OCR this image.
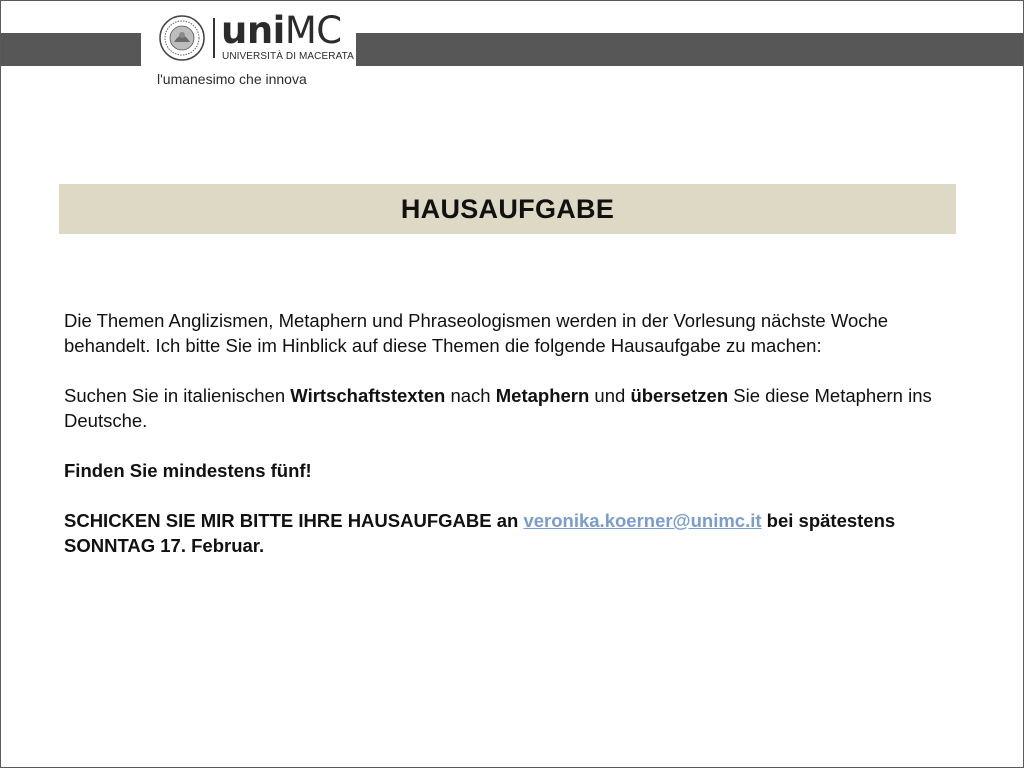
uniMC
UNIVERSITÀ DI MACERATA
l'umanesimo che innova
HAUSAUFGABE

Die Themen Anglizismen, Metaphern und Phraseologismen werden in der Vorlesung nächste Woche behandelt. Ich bitte Sie im Hinblick auf diese Themen die folgende Hausaufgabe zu machen:

Suchen Sie in italienischen Wirtschaftstexten nach Metaphern und übersetzen Sie diese Metaphern ins Deutsche.

Finden Sie mindestens fünf!

SCHICKEN SIE MIR BITTE IHRE HAUSAUFGABE an veronika.koerner@unimc.it bei spätestens SONNTAG 17. Februar.
